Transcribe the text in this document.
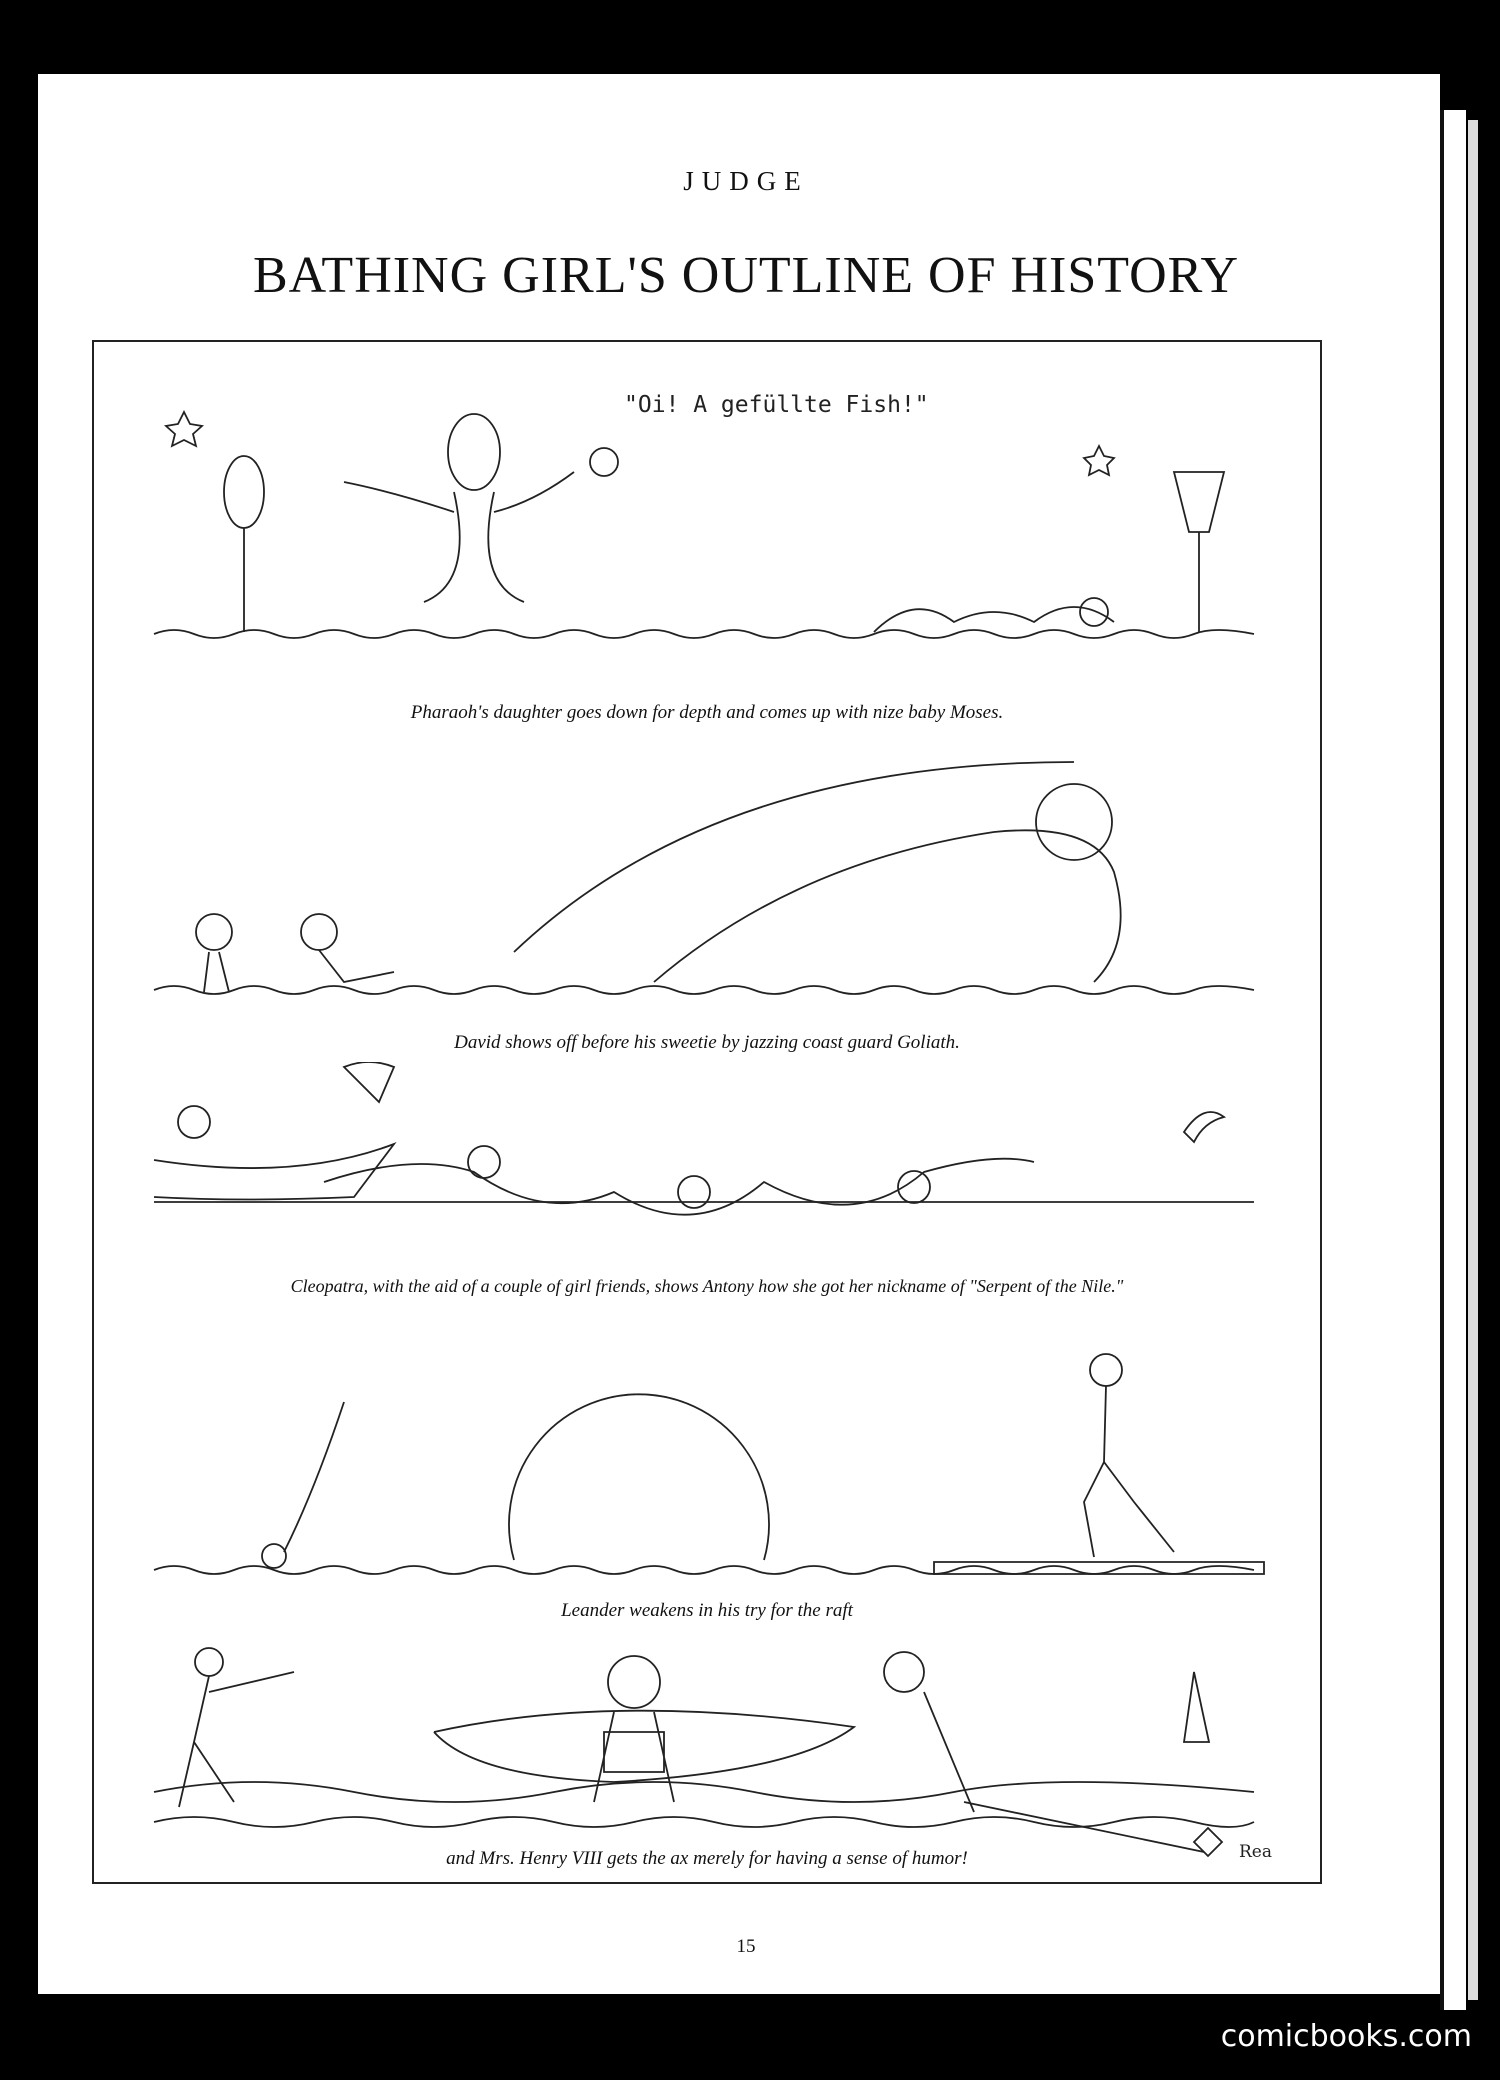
JUDGE
BATHING GIRL'S OUTLINE OF HISTORY
"Oi! A gefüllte Fish!"
Pharaoh's daughter goes down for depth and comes up with nize baby Moses.
David shows off before his sweetie by jazzing coast guard Goliath.
Cleopatra, with the aid of a couple of girl friends, shows Antony how she got her nickname of "Serpent of the Nile."
Leander weakens in his try for the raft
Rea
and Mrs. Henry VIII gets the ax merely for having a sense of humor!
15
comicbooks.com
